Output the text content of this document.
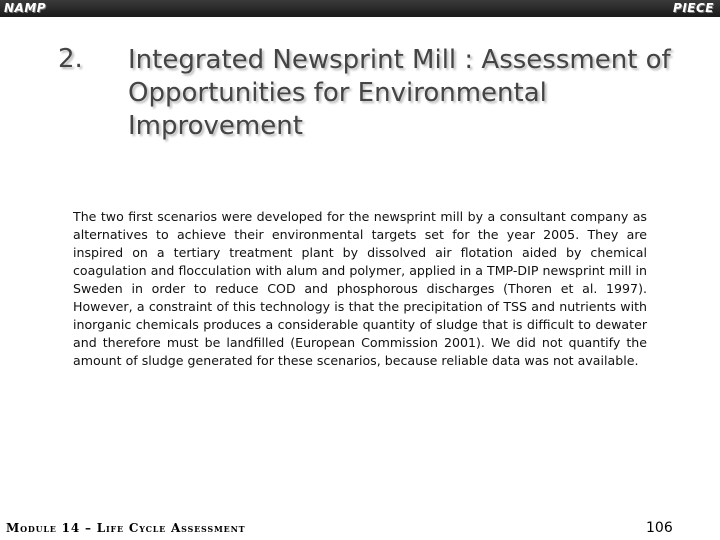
NAMP	PIECE
2. Integrated Newsprint Mill : Assessment of Opportunities for Environmental Improvement

The two first scenarios were developed for the newsprint mill by a consultant company as alternatives to achieve their environmental targets set for the year 2005. They are inspired on a tertiary treatment plant by dissolved air flotation aided by chemical coagulation and flocculation with alum and polymer, applied in a TMP-DIP newsprint mill in Sweden in order to reduce COD and phosphorous discharges (Thoren et al. 1997). However, a constraint of this technology is that the precipitation of TSS and nutrients with inorganic chemicals produces a considerable quantity of sludge that is difficult to dewater and therefore must be landfilled (European Commission 2001). We did not quantify the amount of sludge generated for these scenarios, because reliable data was not available.

Module 14 – Life Cycle Assessment	106
